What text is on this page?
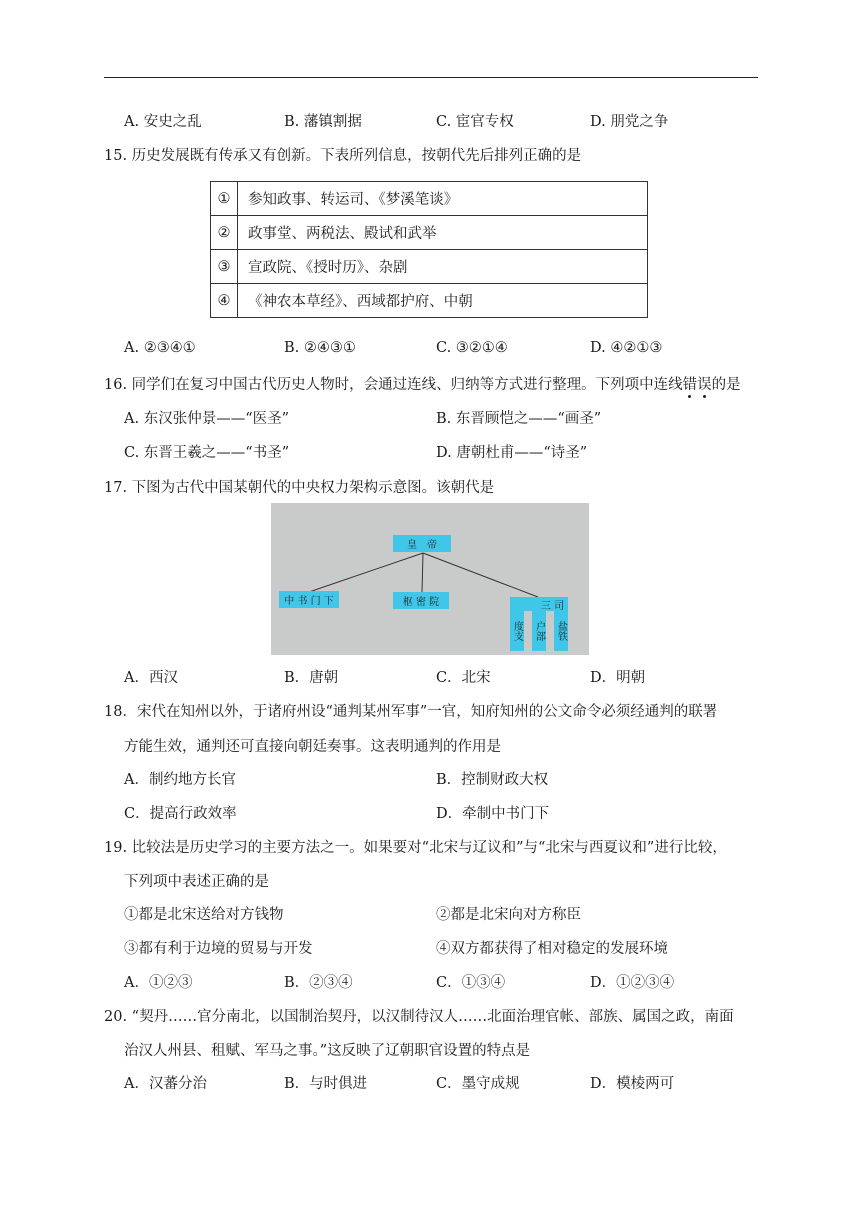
A. 安史之乱	B. 藩镇割据	C. 宦官专权	D. 朋党之争
15. 历史发展既有传承又有创新。下表所列信息，按朝代先后排列正确的是
①	参知政事、转运司、《梦溪笔谈》
②	政事堂、两税法、殿试和武举
③	宣政院、《授时历》、杂剧
④	《神农本草经》、西域都护府、中朝
A. ②③④①	B. ②④③①	C. ③②①④	D. ④②①③
16. 同学们在复习中国古代历史人物时，会通过连线、归纳等方式进行整理。下列项中连线错误的是
A. 东汉张仲景——“医圣”	B. 东晋顾恺之——“画圣”
C. 东晋王羲之——“书圣”	D. 唐朝杜甫——“诗圣”
17. 下图为古代中国某朝代的中央权力架构示意图。该朝代是
皇　帝
中 书 门 下	枢 密 院	三 司
度支 户部 盐铁
A．西汉	B．唐朝	C．北宋	D．明朝
18．宋代在知州以外，于诸府州设“通判某州军事”一官，知府知州的公文命令必须经通判的联署
方能生效，通判还可直接向朝廷奏事。这表明通判的作用是
A．制约地方长官	B．控制财政大权
C．提高行政效率	D．牵制中书门下
19. 比较法是历史学习的主要方法之一。如果要对“北宋与辽议和”与“北宋与西夏议和”进行比较，
下列项中表述正确的是
①都是北宋送给对方钱物	②都是北宋向对方称臣
③都有利于边境的贸易与开发	④双方都获得了相对稳定的发展环境
A．①②③	B．②③④	C．①③④	D．①②③④
20. “契丹……官分南北，以国制治契丹，以汉制待汉人……北面治理官帐、部族、属国之政，南面
治汉人州县、租赋、军马之事。”这反映了辽朝职官设置的特点是
A．汉蕃分治	B．与时俱进	C．墨守成规	D．模棱两可
